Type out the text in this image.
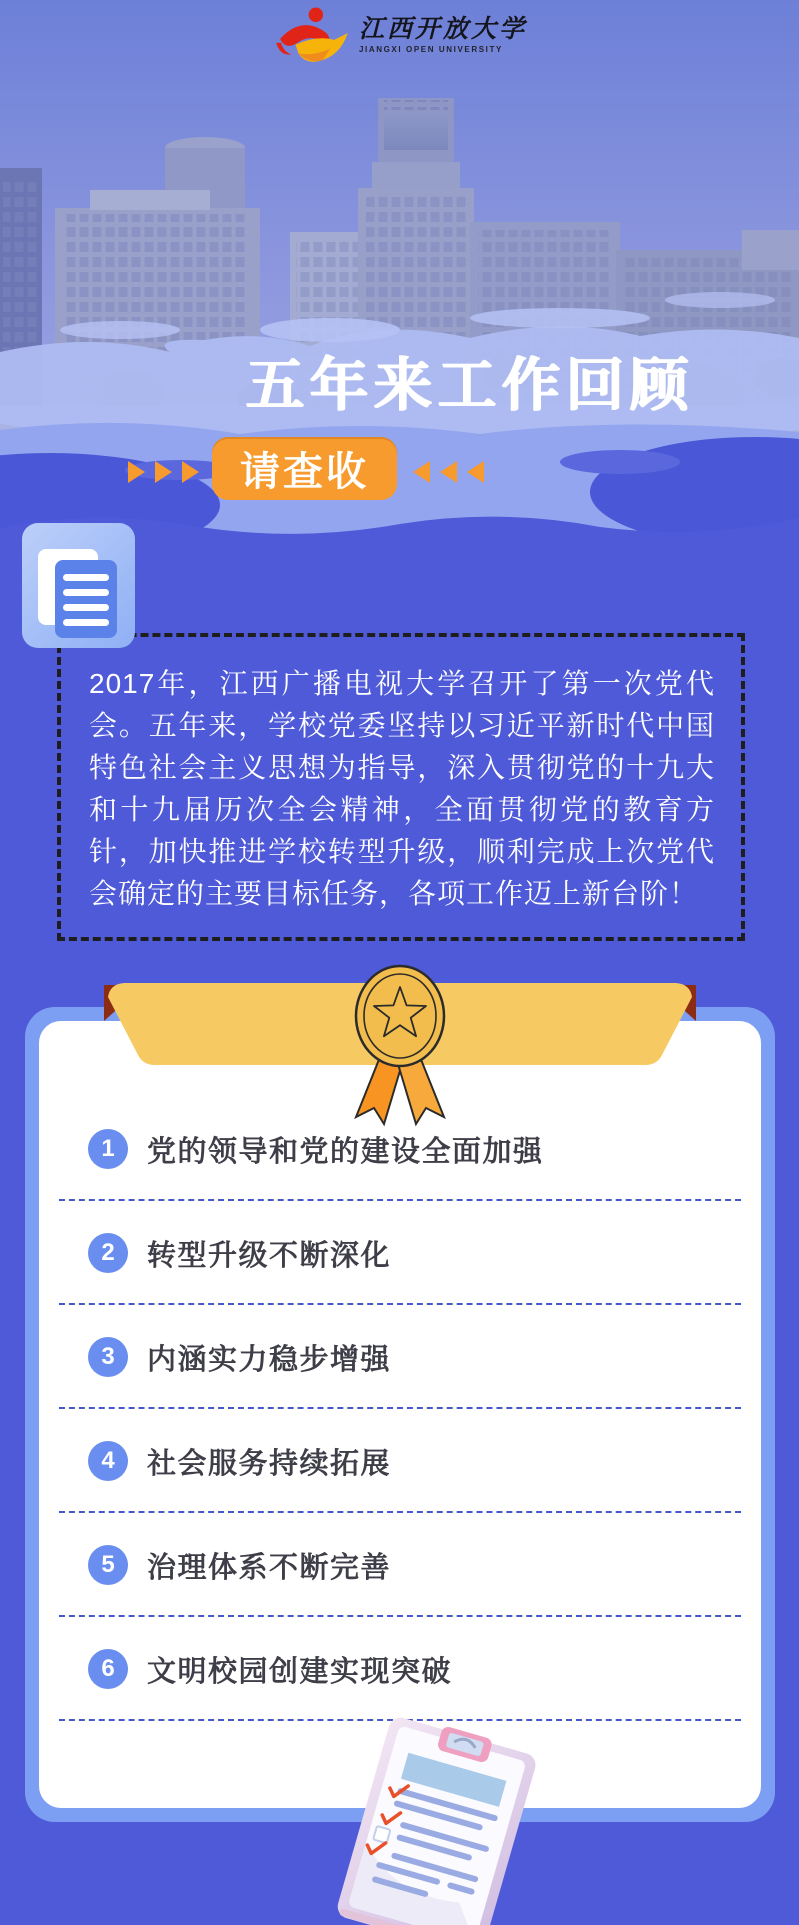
江西开放大学
JIANGXI OPEN UNIVERSITY
五年来工作回顾
请查收
2017年，江西广播电视大学召开了第一次党代会。五年来，学校党委坚持以习近平新时代中国特色社会主义思想为指导，深入贯彻党的十九大和十九届历次全会精神，全面贯彻党的教育方针，加快推进学校转型升级，顺利完成上次党代会确定的主要目标任务，各项工作迈上新台阶！
1	党的领导和党的建设全面加强
2	转型升级不断深化
3	内涵实力稳步增强
4	社会服务持续拓展
5	治理体系不断完善
6	文明校园创建实现突破
